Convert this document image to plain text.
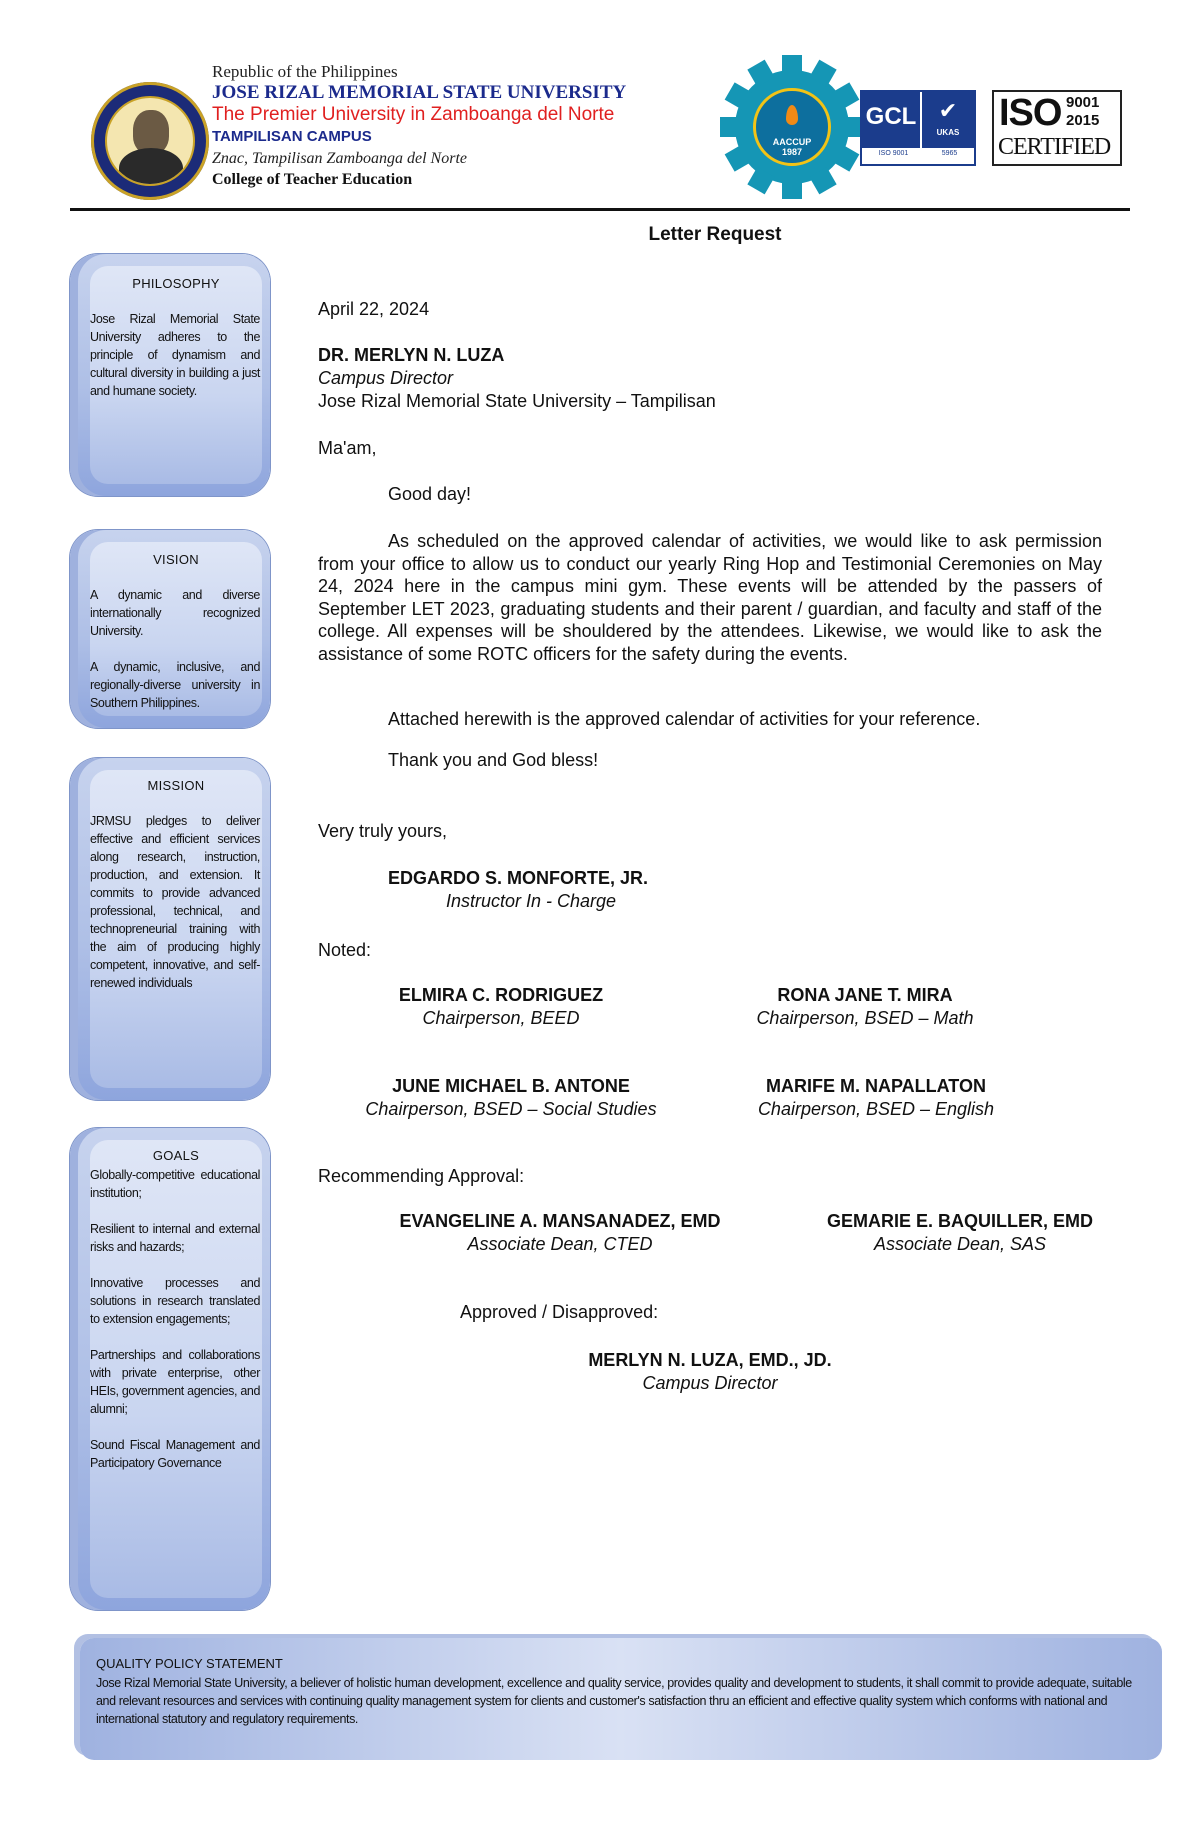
Republic of the Philippines
JOSE RIZAL MEMORIAL STATE UNIVERSITY
The Premier University in Zamboanga del Norte
TAMPILISAN CAMPUS
Znac, Tampilisan Zamboanga del Norte
College of Teacher Education
AACCUP
1987
GCL	✔
UKAS
ISO 9001	5965
ISO 9001
2015
CERTIFIED
Letter Request
PHILOSOPHY
Jose Rizal Memorial State University adheres to the principle of dynamism and cultural diversity in building a just and humane society.
VISION

A dynamic and diverse internationally recognized University.

A dynamic, inclusive, and regionally-diverse university in Southern Philippines.

MISSION
JRMSU pledges to deliver effective and efficient services along research, instruction, production, and extension. It commits to provide advanced professional, technical, and technopreneurial training with the aim of producing highly competent, innovative, and self-renewed individuals
GOALS

Globally-competitive educational institution;

Resilient to internal and external risks and hazards;

Innovative processes and solutions in research translated to extension engagements;

Partnerships and collaborations with private enterprise, other HEIs, government agencies, and alumni;

Sound Fiscal Management and Participatory Governance

April 22, 2024
DR. MERLYN N. LUZA
Campus Director
Jose Rizal Memorial State University – Tampilisan
Ma'am,
Good day!
As scheduled on the approved calendar of activities, we would like to ask permission from your office to allow us to conduct our yearly Ring Hop and Testimonial Ceremonies on May 24, 2024 here in the campus mini gym. These events will be attended by the passers of September LET 2023, graduating students and their parent / guardian, and faculty and staff of the college. All expenses will be shouldered by the attendees. Likewise, we would like to ask the assistance of some ROTC officers for the safety during the events.
Attached herewith is the approved calendar of activities for your reference.
Thank you and God bless!
Very truly yours,
EDGARDO S. MONFORTE, JR.
Instructor In - Charge
Noted:
ELMIRA C. RODRIGUEZ
Chairperson, BEED
RONA JANE T. MIRA
Chairperson, BSED – Math
JUNE MICHAEL B. ANTONE
Chairperson, BSED – Social Studies
MARIFE M. NAPALLATON
Chairperson, BSED – English
Recommending Approval:
EVANGELINE A. MANSANADEZ, EMD
Associate Dean, CTED
GEMARIE E. BAQUILLER, EMD
Associate Dean, SAS
Approved / Disapproved:
MERLYN N. LUZA, EMD., JD.
Campus Director
QUALITY POLICY STATEMENT
Jose Rizal Memorial State University, a believer of holistic human development, excellence and quality service, provides quality and development to students, it shall commit to provide adequate, suitable and relevant resources and services with continuing quality management system for clients and customer's satisfaction thru an efficient and effective quality system which conforms with national and international statutory and regulatory requirements.
